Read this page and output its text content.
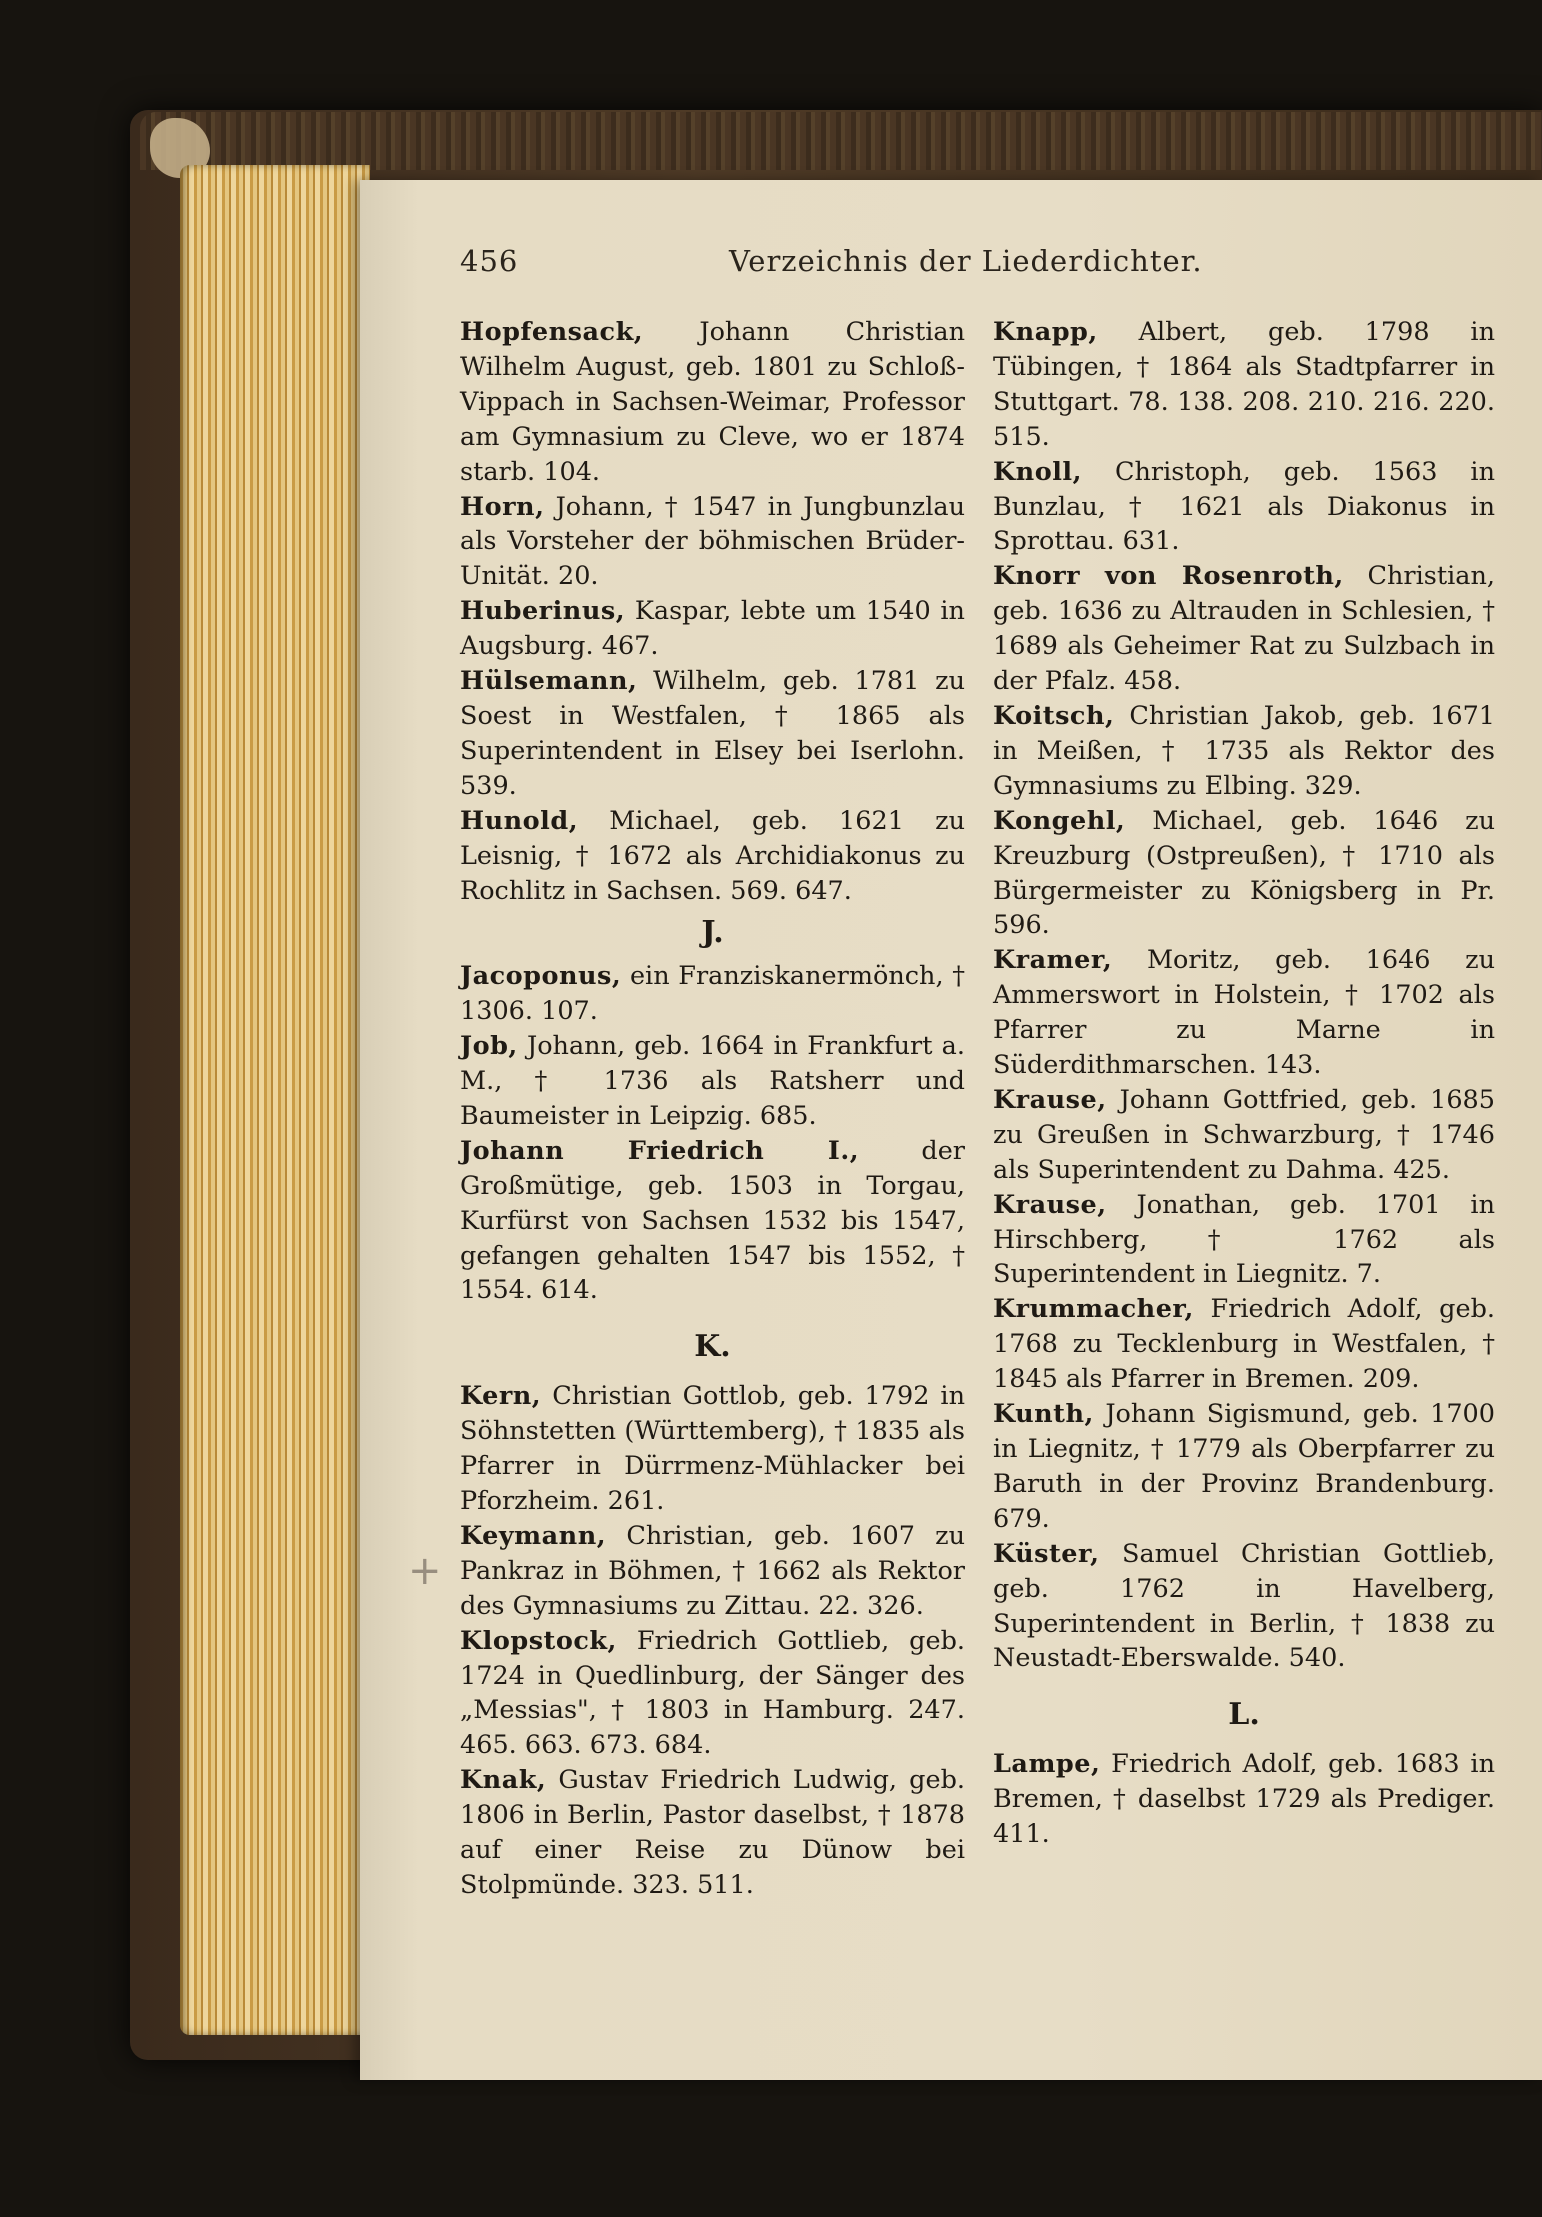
456	Verzeichnis der Liederdichter.

Hopfensack, Johann Christian Wilhelm August, geb. 1801 zu Schloß-Vippach in Sachsen-Weimar, Professor am Gymnasium zu Cleve, wo er 1874 starb. 104.

Horn, Johann, † 1547 in Jungbunzlau als Vorsteher der böhmischen Brüder-Unität. 20.

Huberinus, Kaspar, lebte um 1540 in Augsburg. 467.

Hülsemann, Wilhelm, geb. 1781 zu Soest in Westfalen, † 1865 als Superintendent in Elsey bei Iserlohn. 539.

Hunold, Michael, geb. 1621 zu Leisnig, † 1672 als Archidiakonus zu Rochlitz in Sachsen. 569. 647.

J.

Jacoponus, ein Franziskanermönch, † 1306. 107.

Job, Johann, geb. 1664 in Frankfurt a. M., † 1736 als Ratsherr und Baumeister in Leipzig. 685.

Johann Friedrich I., der Großmütige, geb. 1503 in Torgau, Kurfürst von Sachsen 1532 bis 1547, gefangen gehalten 1547 bis 1552, † 1554. 614.

K.

Kern, Christian Gottlob, geb. 1792 in Söhnstetten (Württemberg), † 1835 als Pfarrer in Dürrmenz-Mühlacker bei Pforzheim. 261.

Keymann, Christian, geb. 1607 zu Pankraz in Böhmen, † 1662 als Rektor des Gymnasiums zu Zittau. 22. 326.

Klopstock, Friedrich Gottlieb, geb. 1724 in Quedlinburg, der Sänger des „Messias", † 1803 in Hamburg. 247. 465. 663. 673. 684.

Knak, Gustav Friedrich Ludwig, geb. 1806 in Berlin, Pastor daselbst, † 1878 auf einer Reise zu Dünow bei Stolpmünde. 323. 511.

Knapp, Albert, geb. 1798 in Tübingen, † 1864 als Stadtpfarrer in Stuttgart. 78. 138. 208. 210. 216. 220. 515.

Knoll, Christoph, geb. 1563 in Bunzlau, † 1621 als Diakonus in Sprottau. 631.

Knorr von Rosenroth, Christian, geb. 1636 zu Altrauden in Schlesien, † 1689 als Geheimer Rat zu Sulzbach in der Pfalz. 458.

Koitsch, Christian Jakob, geb. 1671 in Meißen, † 1735 als Rektor des Gymnasiums zu Elbing. 329.

Kongehl, Michael, geb. 1646 zu Kreuzburg (Ostpreußen), † 1710 als Bürgermeister zu Königsberg in Pr. 596.

Kramer, Moritz, geb. 1646 zu Ammerswort in Holstein, † 1702 als Pfarrer zu Marne in Süderdithmarschen. 143.

Krause, Johann Gottfried, geb. 1685 zu Greußen in Schwarzburg, † 1746 als Superintendent zu Dahma. 425.

Krause, Jonathan, geb. 1701 in Hirschberg, † 1762 als Superintendent in Liegnitz. 7.

Krummacher, Friedrich Adolf, geb. 1768 zu Tecklenburg in Westfalen, † 1845 als Pfarrer in Bremen. 209.

Kunth, Johann Sigismund, geb. 1700 in Liegnitz, † 1779 als Oberpfarrer zu Baruth in der Provinz Brandenburg. 679.

Küster, Samuel Christian Gottlieb, geb. 1762 in Havelberg, Superintendent in Berlin, † 1838 zu Neustadt-Eberswalde. 540.

L.

Lampe, Friedrich Adolf, geb. 1683 in Bremen, † daselbst 1729 als Prediger. 411.

+
